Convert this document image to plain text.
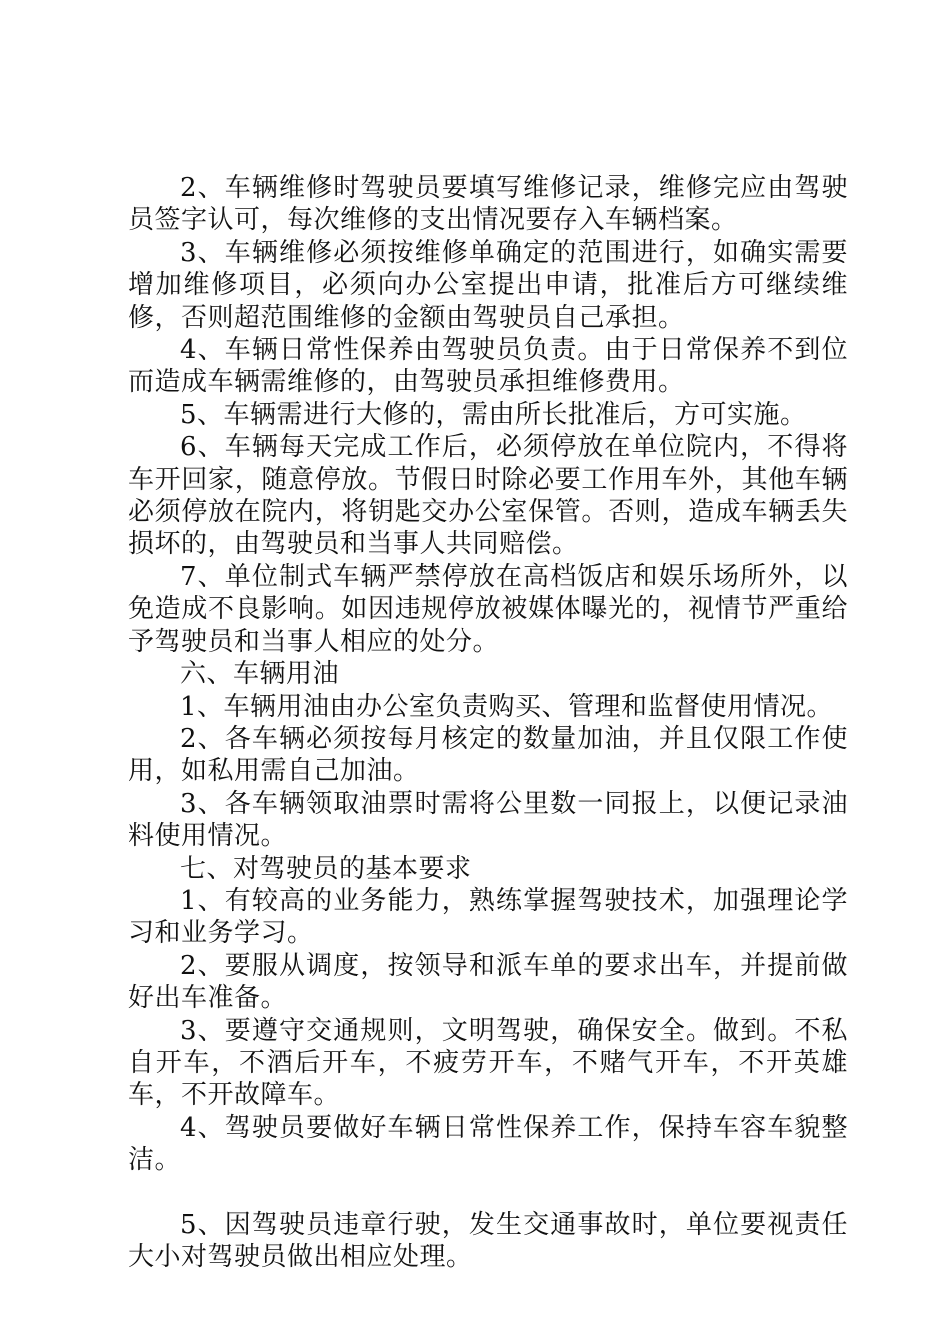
2、车辆维修时驾驶员要填写维修记录，维修完应由驾驶员签字认可，每次维修的支出情况要存入车辆档案。

3、车辆维修必须按维修单确定的范围进行，如确实需要增加维修项目，必须向办公室提出申请，批准后方可继续维修，否则超范围维修的金额由驾驶员自己承担。

4、车辆日常性保养由驾驶员负责。由于日常保养不到位而造成车辆需维修的，由驾驶员承担维修费用。

5、车辆需进行大修的，需由所长批准后，方可实施。

6、车辆每天完成工作后，必须停放在单位院内，不得将车开回家，随意停放。节假日时除必要工作用车外，其他车辆必须停放在院内，将钥匙交办公室保管。否则，造成车辆丢失损坏的，由驾驶员和当事人共同赔偿。

7、单位制式车辆严禁停放在高档饭店和娱乐场所外，以免造成不良影响。如因违规停放被媒体曝光的，视情节严重给予驾驶员和当事人相应的处分。

六、车辆用油

1、车辆用油由办公室负责购买、管理和监督使用情况。

2、各车辆必须按每月核定的数量加油，并且仅限工作使用，如私用需自己加油。

3、各车辆领取油票时需将公里数一同报上，以便记录油料使用情况。

七、对驾驶员的基本要求

1、有较高的业务能力，熟练掌握驾驶技术，加强理论学习和业务学习。

2、要服从调度，按领导和派车单的要求出车，并提前做好出车准备。

3、要遵守交通规则，文明驾驶，确保安全。做到。不私自开车，不酒后开车，不疲劳开车，不赌气开车，不开英雄车，不开故障车。

4、驾驶员要做好车辆日常性保养工作，保持车容车貌整洁。

5、因驾驶员违章行驶，发生交通事故时，单位要视责任大小对驾驶员做出相应处理。
